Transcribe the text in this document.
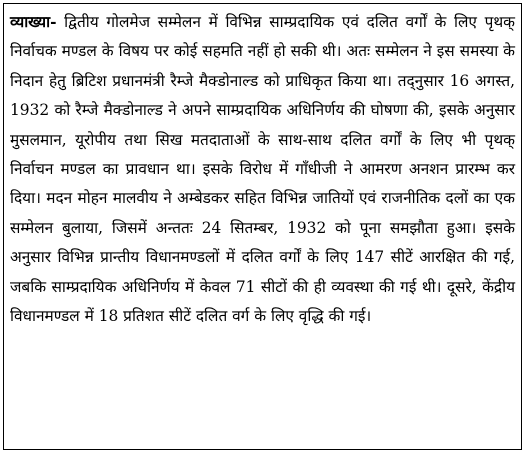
व्याख्या- द्वितीय गोलमेज सम्मेलन में विभिन्न साम्प्रदायिक एवं दलित वर्गों के लिए पृथक् निर्वाचक मण्डल के विषय पर कोई सहमति नहीं हो सकी थी। अतः सम्मेलन ने इस समस्या के निदान हेतु ब्रिटिश प्रधानमंत्री रैम्जे मैक्डोनाल्ड को प्राधिकृत किया था। तद्नुसार 16 अगस्त, 1932 को रैम्जे मैक्डोनाल्ड ने अपने साम्प्रदायिक अधिनिर्णय की घोषणा की, इसके अनुसार मुसलमान, यूरोपीय तथा सिख मतदाताओं के साथ-साथ दलित वर्गों के लिए भी पृथक् निर्वाचन मण्डल का प्रावधान था। इसके विरोध में गाँधीजी ने आमरण अनशन प्रारम्भ कर दिया। मदन मोहन मालवीय ने अम्बेडकर सहित विभिन्न जातियों एवं राजनीतिक दलों का एक सम्मेलन बुलाया, जिसमें अन्ततः 24 सितम्बर, 1932 को पूना समझौता हुआ। इसके अनुसार विभिन्न प्रान्तीय विधानमण्डलों में दलित वर्गों के लिए 147 सीटें आरक्षित की गई, जबकि साम्प्रदायिक अधिनिर्णय में केवल 71 सीटों की ही व्यवस्था की गई थी। दूसरे, केंद्रीय विधानमण्डल में 18 प्रतिशत सीटें दलित वर्ग के लिए वृद्धि की गई।
